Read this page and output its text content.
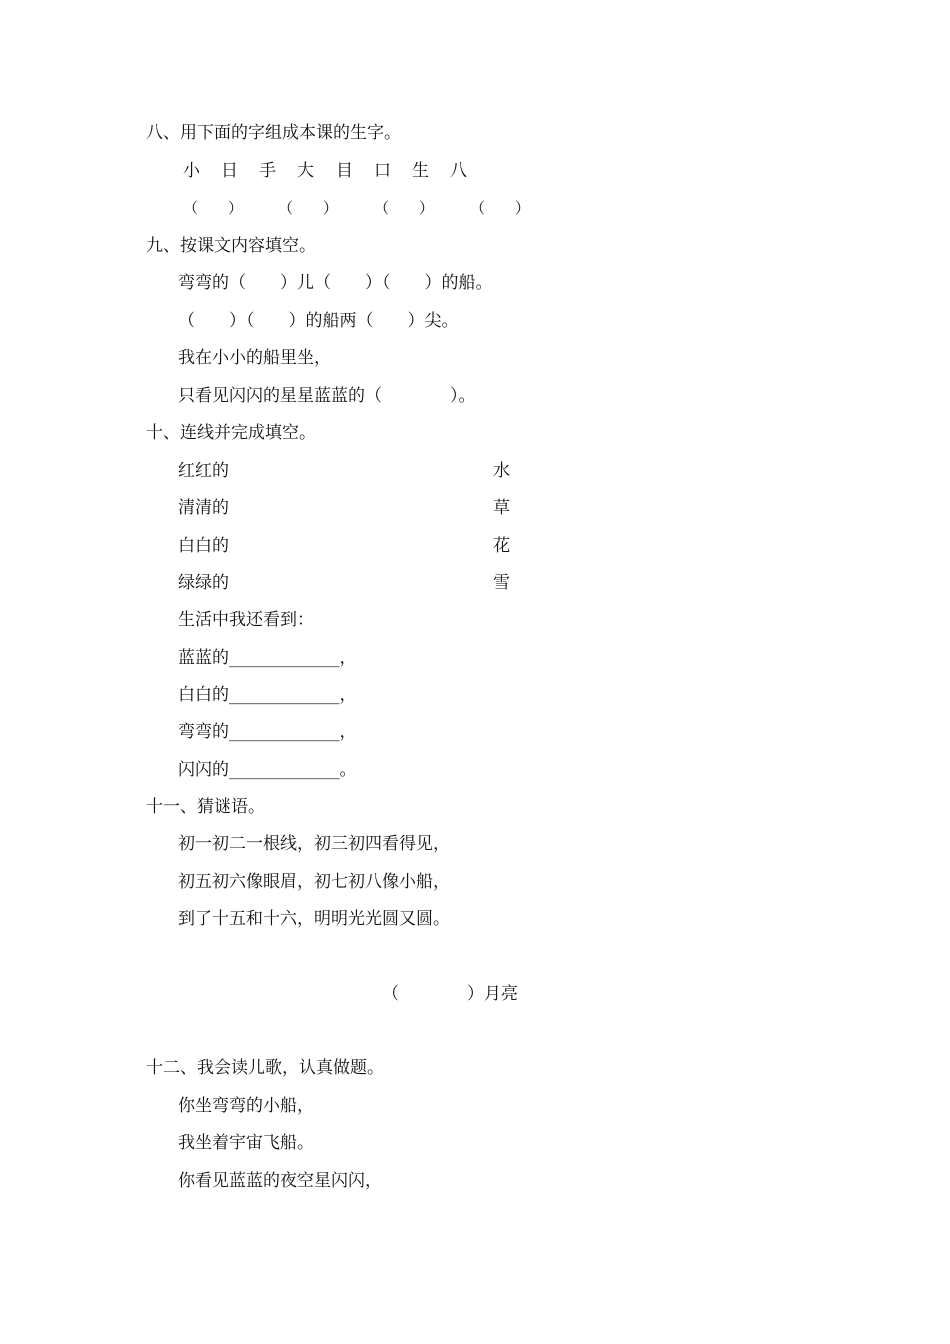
八、用下面的字组成本课的生字。
小 日 手 大 目 口 生 八
（　　） （　　） （　　） （　　）
九、按课文内容填空。
弯弯的（　　）儿（　　）（　　）的船。
（　　）（　　）的船两（　　）尖。
我在小小的船里坐，
只看见闪闪的星星蓝蓝的（　　　　）。
十、连线并完成填空。
红红的	水
清清的	草
白白的	花
绿绿的	雪
生活中我还看到：
蓝蓝的_____________，
白白的_____________，
弯弯的_____________，
闪闪的_____________。
十一、猜谜语。
初一初二一根线，初三初四看得见，
初五初六像眼眉，初七初八像小船，
到了十五和十六，明明光光圆又圆。
（　　　　）月亮
十二、我会读儿歌，认真做题。
你坐弯弯的小船，
我坐着宇宙飞船。
你看见蓝蓝的夜空星闪闪，
